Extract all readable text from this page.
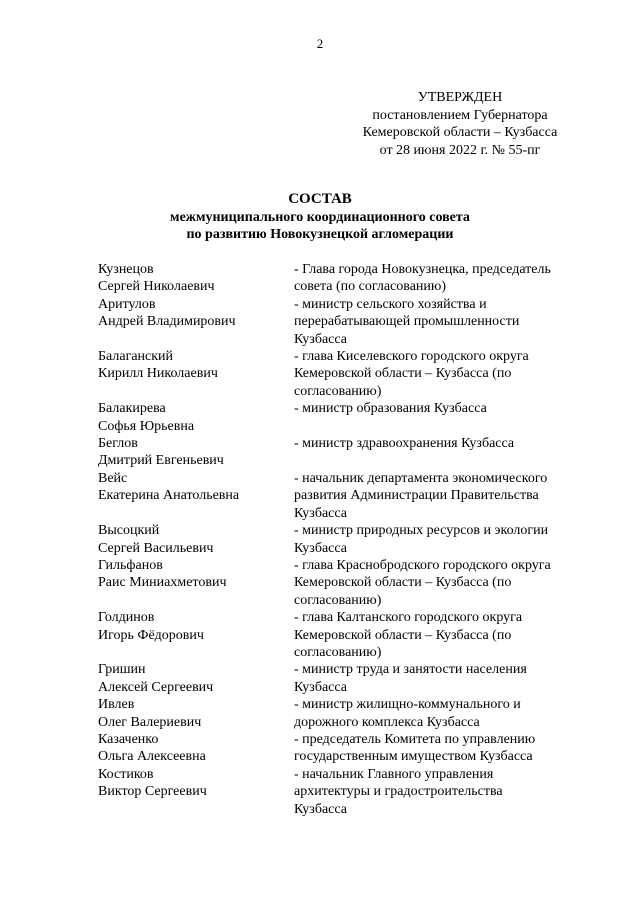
2
УТВЕРЖДЕН
постановлением Губернатора
Кемеровской области – Кузбасса
от 28 июня 2022 г. № 55-пг
СОСТАВ
межмуниципального координационного совета
по развитию Новокузнецкой агломерации
Кузнецов
Сергей Николаевич
- Глава города Новокузнецка, председатель
совета (по согласованию)
Аритулов
Андрей Владимирович
- министр сельского хозяйства и
перерабатывающей промышленности
Кузбасса
Балаганский
Кирилл Николаевич
- глава Киселевского городского округа
Кемеровской области – Кузбасса (по
согласованию)
Балакирева
Софья Юрьевна
- министр образования Кузбасса
Беглов
Дмитрий Евгеньевич
- министр здравоохранения Кузбасса
Вейс
Екатерина Анатольевна
- начальник департамента экономического
развития Администрации Правительства
Кузбасса
Высоцкий
Сергей Васильевич
- министр природных ресурсов и экологии
Кузбасса
Гильфанов
Раис Миниахметович
- глава Краснобродского городского округа
Кемеровской области – Кузбасса (по
согласованию)
Голдинов
Игорь Фёдорович
- глава Калтанского городского округа
Кемеровской области – Кузбасса (по
согласованию)
Гришин
Алексей Сергеевич
- министр труда и занятости населения
Кузбасса
Ивлев
Олег Валериевич
- министр жилищно-коммунального и
дорожного комплекса Кузбасса
Казаченко
Ольга Алексеевна
- председатель Комитета по управлению
государственным имуществом Кузбасса
Костиков
Виктор Сергеевич
- начальник Главного управления
архитектуры и градостроительства
Кузбасса
